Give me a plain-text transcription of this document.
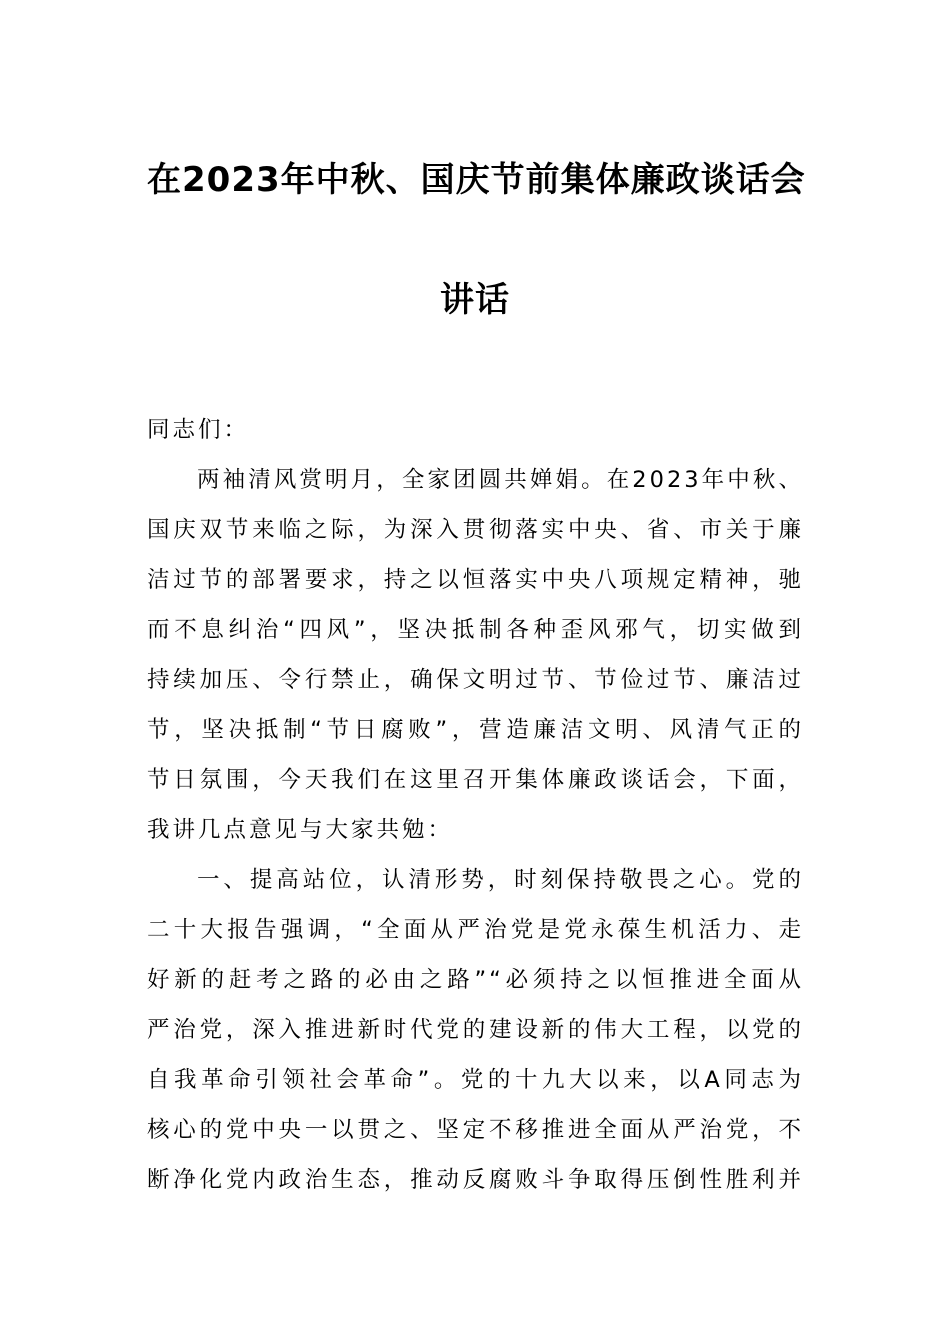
在2023年中秋、国庆节前集体廉政谈话会
讲话
同志们：
两袖清风赏明月，全家团圆共婵娟。在2023年中秋、
国庆双节来临之际，为深入贯彻落实中央、省、市关于廉
洁过节的部署要求，持之以恒落实中央八项规定精神，驰
而不息纠治“四风”，坚决抵制各种歪风邪气，切实做到
持续加压、令行禁止，确保文明过节、节俭过节、廉洁过
节，坚决抵制“节日腐败”，营造廉洁文明、风清气正的
节日氛围，今天我们在这里召开集体廉政谈话会，下面，
我讲几点意见与大家共勉：
一、提高站位，认清形势，时刻保持敬畏之心。党的
二十大报告强调，“全面从严治党是党永葆生机活力、走
好新的赶考之路的必由之路”“必须持之以恒推进全面从
严治党，深入推进新时代党的建设新的伟大工程，以党的
自我革命引领社会革命”。党的十九大以来，以A同志为
核心的党中央一以贯之、坚定不移推进全面从严治党，不
断净化党内政治生态，推动反腐败斗争取得压倒性胜利并
